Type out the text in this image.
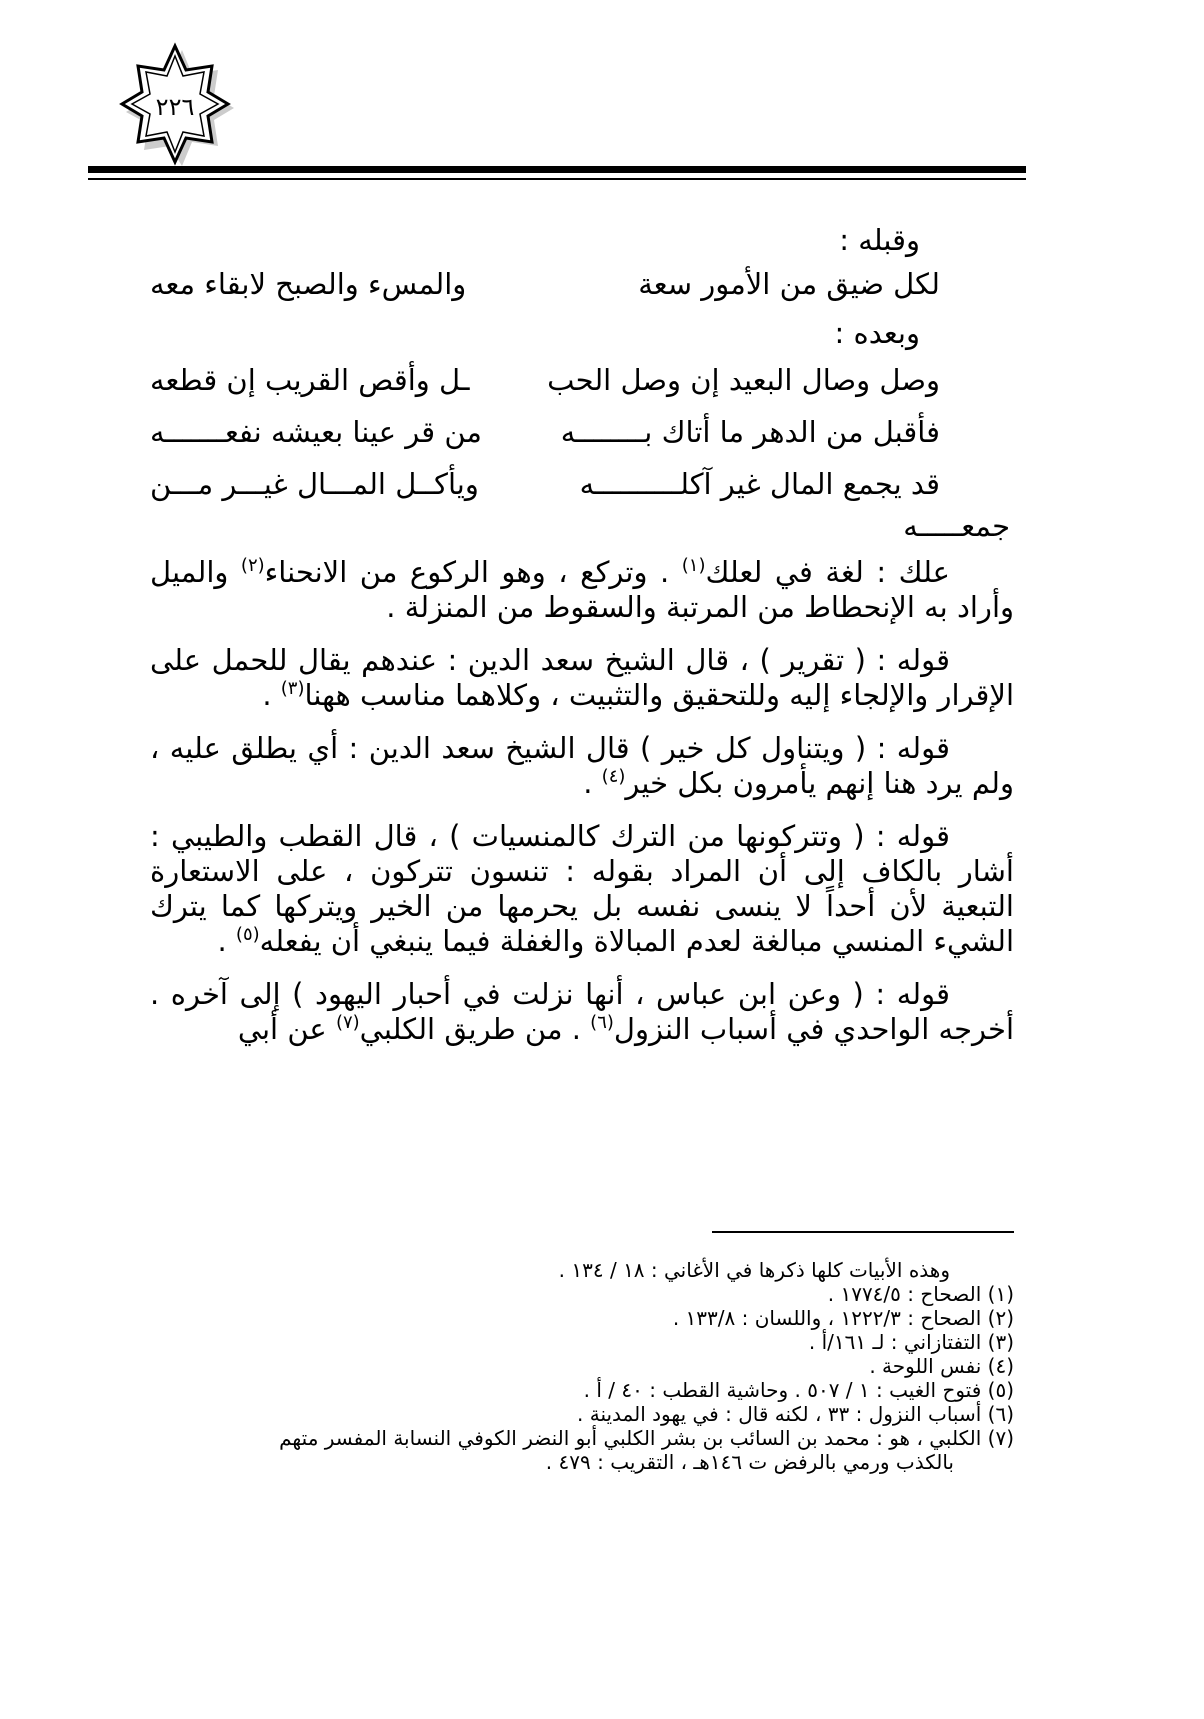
٢٢٦
وقبله :
لكل ضيق من الأمور سعة
والمسء والصبح لابقاء معه
وبعده :
وصل وصال البعيد إن وصل الحب
ـل وأقص القريب إن قطعه
فأقبل من الدهر ما أتاك بــــــــه
من قر عينا بعيشه نفعـــــــه
قد يجمع المال غير آكلــــــــــه
ويأكــل المـــال غيـــر مـــن
جمعـــــه

علك : لغة في لعلك$^{(١)}$ . وتركع ، وهو الركوع من الانحناء$^{(٢)}$ والميل وأراد به الإنحطاط من المرتبة والسقوط من المنزلة .

قوله : ( تقرير ) ، قال الشيخ سعد الدين : عندهم يقال للحمل على الإقرار والإلجاء إليه وللتحقيق والتثبيت ، وكلاهما مناسب ههنا$^{(٣)}$ .

قوله : ( ويتناول كل خير ) قال الشيخ سعد الدين : أي يطلق عليه ، ولم يرد هنا إنهم يأمرون بكل خير$^{(٤)}$ .

قوله : ( وتتركونها من الترك كالمنسيات ) ، قال القطب والطيبي : أشار بالكاف إلى أن المراد بقوله : تنسون تتركون ، على الاستعارة التبعية لأن أحداً لا ينسى نفسه بل يحرمها من الخير ويتركها كما يترك الشيء المنسي مبالغة لعدم المبالاة والغفلة فيما ينبغي أن يفعله$^{(٥)}$ .

قوله : ( وعن ابن عباس ، أنها نزلت في أحبار اليهود ) إلى آخره . أخرجه الواحدي في أسباب النزول$^{(٦)}$ . من طريق الكلبي$^{(٧)}$ عن أبي

وهذه الأبيات كلها ذكرها في الأغاني : ١٨ / ١٣٤ .
(١) الصحاح : ١٧٧٤/٥ .
(٢) الصحاح : ١٢٢٢/٣ ، واللسان : ١٣٣/٨ .
(٣) التفتازاني : لـ ١٦١/أ .
(٤) نفس اللوحة .
(٥) فتوح الغيب : ١ / ٥٠٧ . وحاشية القطب : ٤٠ / أ .
(٦) أسباب النزول : ٣٣ ، لكنه قال : في يهود المدينة .
(٧) الكلبي ، هو : محمد بن السائب بن بشر الكلبي أبو النضر الكوفي النسابة المفسر متهم
بالكذب ورمي بالرفض ت ١٤٦هـ ، التقريب : ٤٧٩ .
